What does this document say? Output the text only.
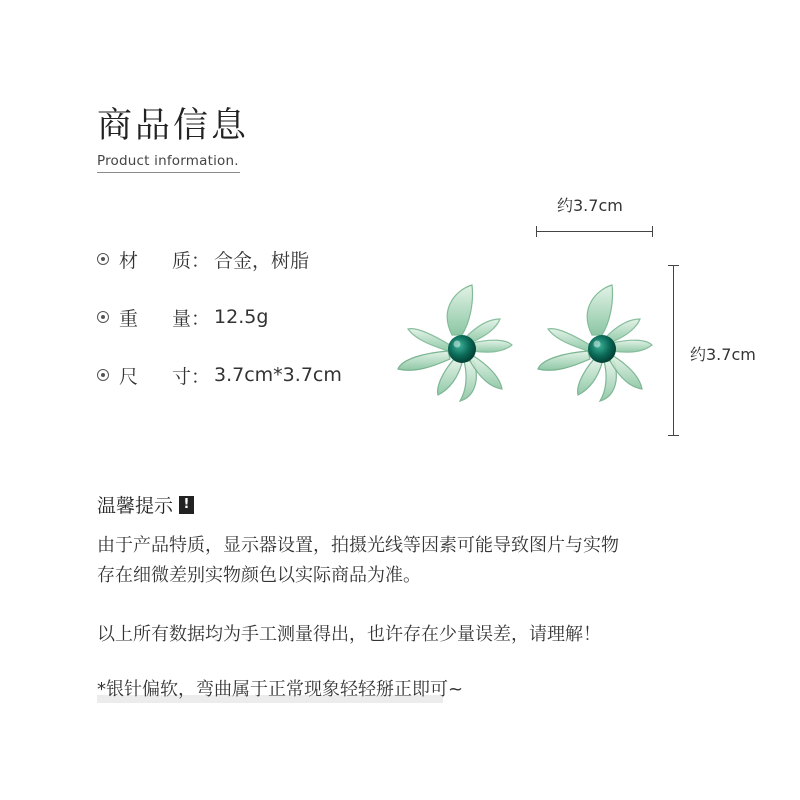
商品信息
Product information.
材 质 ： 合金，树脂
重 量 ： 12.5g
尺 寸 ： 3.7cm*3.7cm
约3.7cm
约3.7cm
温馨提示 !
由于产品特质，显示器设置，拍摄光线等因素可能导致图片与实物
存在细微差别实物颜色以实际商品为准。
以上所有数据均为手工测量得出，也许存在少量误差，请理解！
*银针偏软，弯曲属于正常现象轻轻掰正即可~
